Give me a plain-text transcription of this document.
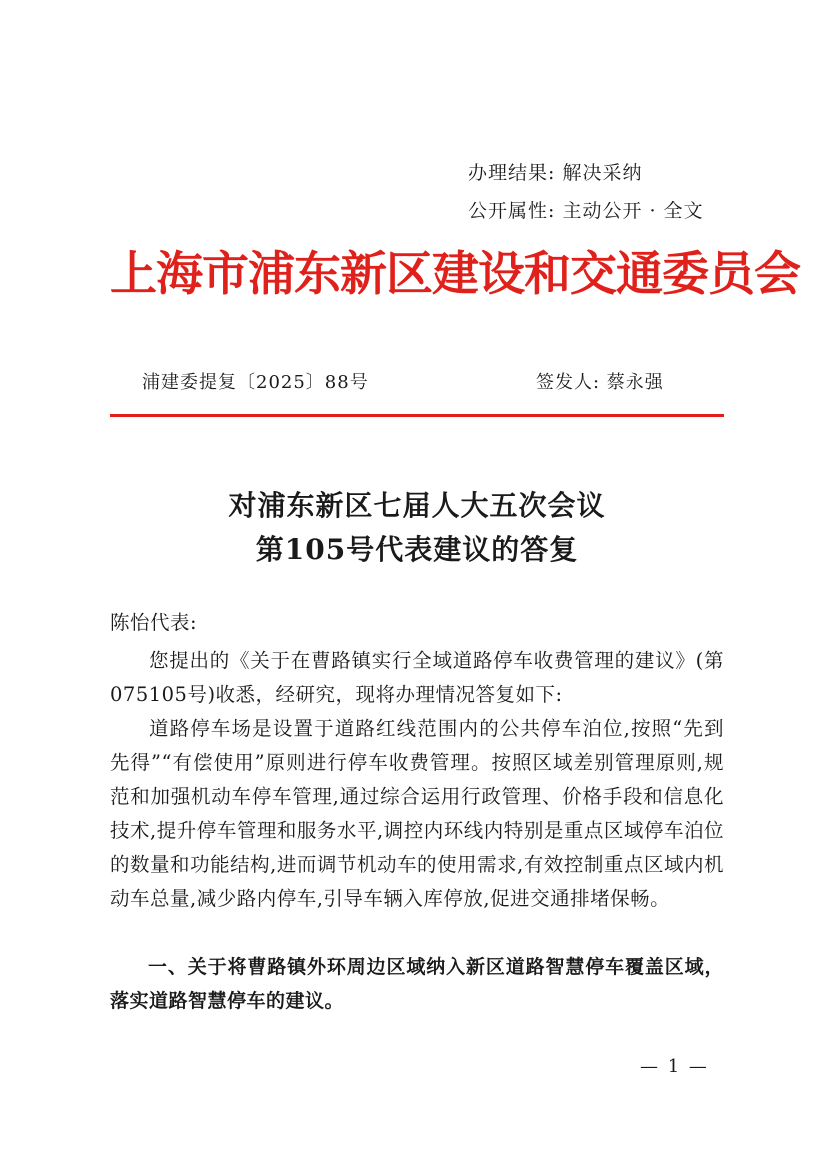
办理结果: 解决采纳
公开属性: 主动公开 · 全文
上海市浦东新区建设和交通委员会
浦建委提复〔2025〕88号	签发人: 蔡永强
对浦东新区七届人大五次会议
第105号代表建议的答复
陈怡代表:
您提出的《关于在曹路镇实行全域道路停车收费管理的建议》(第075105号)收悉，经研究，现将办理情况答复如下:
道路停车场是设置于道路红线范围内的公共停车泊位,按照“先到先得”“有偿使用”原则进行停车收费管理。按照区域差别管理原则,规范和加强机动车停车管理,通过综合运用行政管理、价格手段和信息化技术,提升停车管理和服务水平,调控内环线内特别是重点区域停车泊位的数量和功能结构,进而调节机动车的使用需求,有效控制重点区域内机动车总量,减少路内停车,引导车辆入库停放,促进交通排堵保畅。
一、关于将曹路镇外环周边区域纳入新区道路智慧停车覆盖区域，落实道路智慧停车的建议。
— 1 —
